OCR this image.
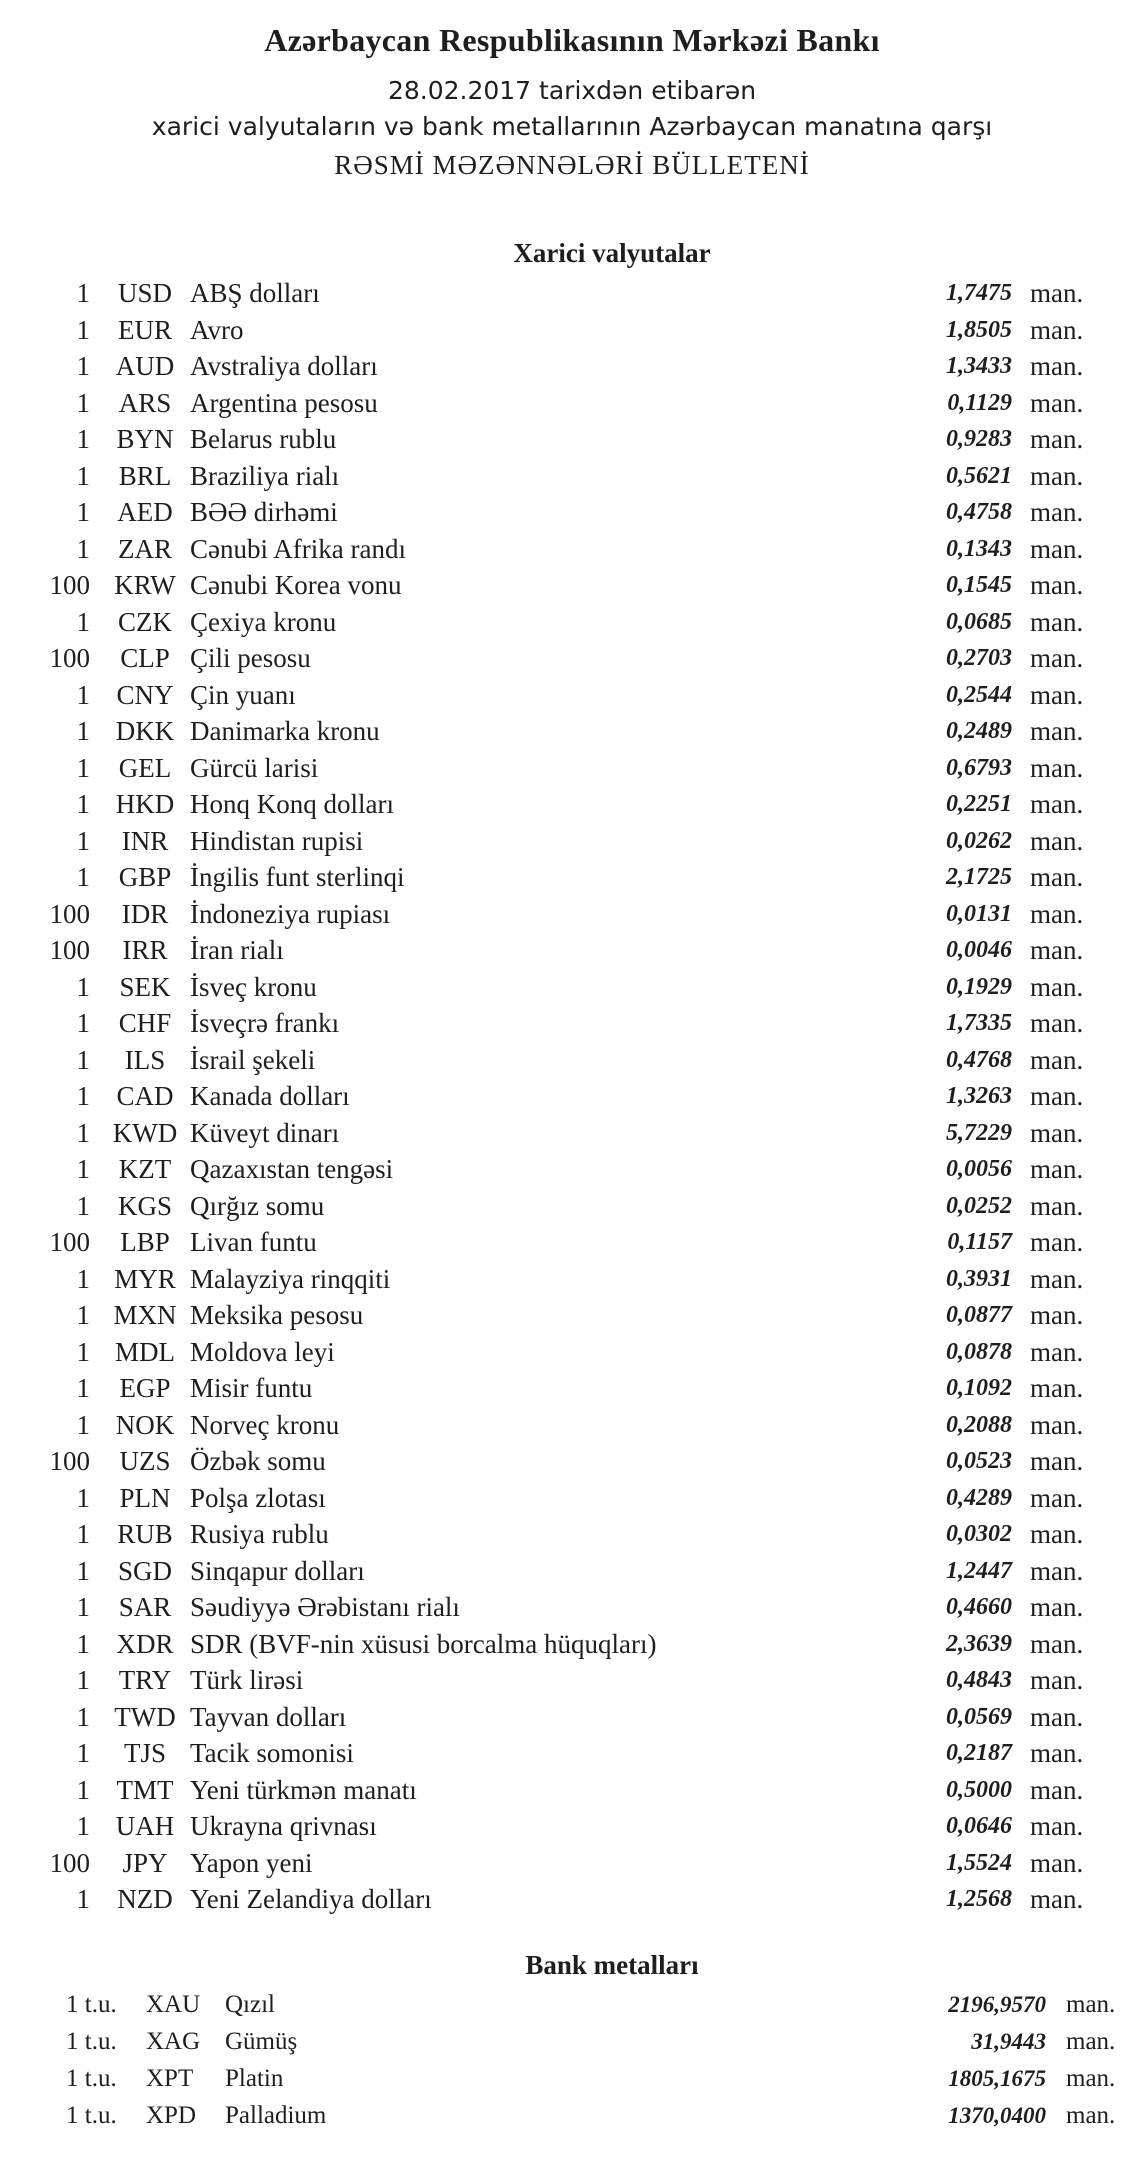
Azərbaycan Respublikasının Mərkəzi Bankı
28.02.2017 tarixdən etibarən
xarici valyutaların və bank metallarının Azərbaycan manatına qarşı
RƏSMİ MƏZƏNNƏLƏRİ BÜLLETENİ
Xarici valyutalar
1	USD ABŞ dolları	1,7475 man.
1	EUR Avro	1,8505 man.
1 AUD Avstraliya dolları	1,3433 man.
1	ARS Argentina pesosu	0,1129 man.
1 BYN Belarus rublu	0,9283 man.
1	BRL Braziliya rialı	0,5621 man.
1	AED BƏƏ dirhəmi	0,4758 man.
1	ZAR Cənubi Afrika randı	0,1343 man.
100 KRW Cənubi Korea vonu	0,1545 man.
1	CZK Çexiya kronu	0,0685 man.
100	CLP Çili pesosu	0,2703 man.
1 CNY Çin yuanı	0,2544 man.
1 DKK Danimarka kronu	0,2489 man.
1	GEL Gürcü larisi	0,6793 man.
1 HKD Honq Konq dolları	0,2251 man.
1	INR Hindistan rupisi	0,0262 man.
1	GBP İngilis funt sterlinqi	2,1725 man.
100	IDR İndoneziya rupiası	0,0131 man.
100	IRR İran rialı	0,0046 man.
1	SEK İsveç kronu	0,1929 man.
1	CHF İsveçrə frankı	1,7335 man.
1	ILS İsrail şekeli	0,4768 man.
1 CAD Kanada dolları	1,3263 man.
1 KWD Küveyt dinarı	5,7229 man.
1	KZT Qazaxıstan tengəsi	0,0056 man.
1	KGS Qırğız somu	0,0252 man.
100	LBP Livan funtu	0,1157 man.
1 MYR Malayziya rinqqiti	0,3931 man.
1 MXN Meksika pesosu	0,0877 man.
1 MDL Moldova leyi	0,0878 man.
1	EGP Misir funtu	0,1092 man.
1 NOK Norveç kronu	0,2088 man.
100	UZS Özbək somu	0,0523 man.
1	PLN Polşa zlotası	0,4289 man.
1	RUB Rusiya rublu	0,0302 man.
1	SGD Sinqapur dolları	1,2447 man.
1	SAR Səudiyyə Ərəbistanı rialı	0,4660 man.
1 XDR SDR (BVF-nin xüsusi borcalma hüquqları)	2,3639 man.
1	TRY Türk lirəsi	0,4843 man.
1 TWD Tayvan dolları	0,0569 man.
1	TJS Tacik somonisi	0,2187 man.
1 TMT Yeni türkmən manatı	0,5000 man.
1 UAH Ukrayna qrivnası	0,0646 man.
100	JPY Yapon yeni	1,5524 man.
1	NZD Yeni Zelandiya dolları	1,2568 man.
Bank metalları
1 t.u. XAU Qızıl	2196,9570 man.
1 t.u. XAG Gümüş	31,9443 man.
1 t.u. XPT Platin	1805,1675 man.
1 t.u. XPD Palladium	1370,0400 man.
